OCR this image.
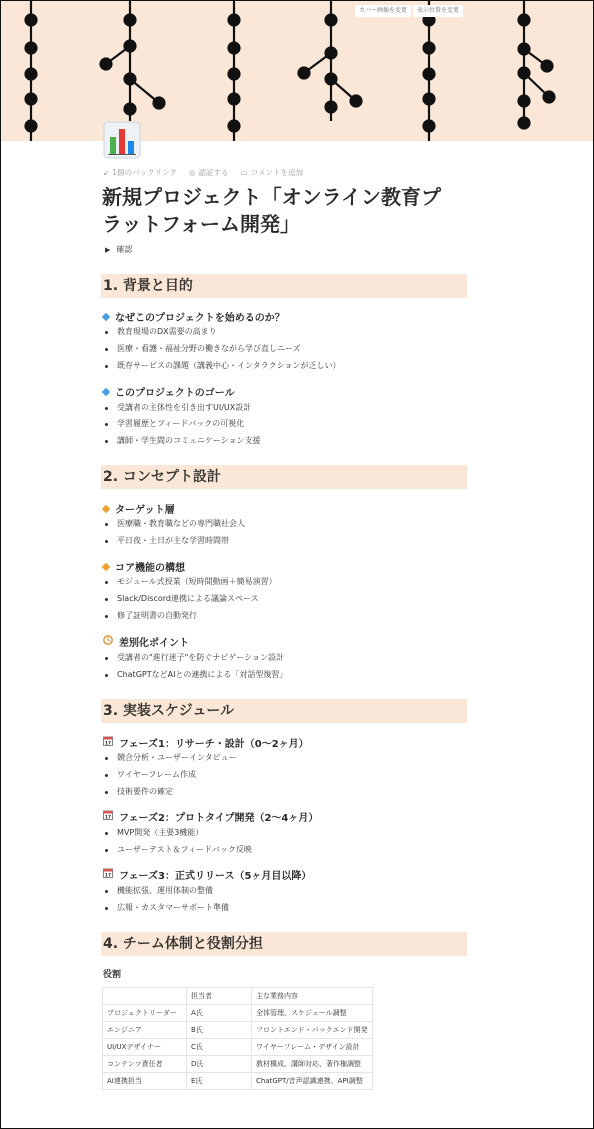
カバー画像を変更	表示位置を変更
↙ 1個のバックリンク ◎ 認証する ▭ コメントを追加
新規プロジェクト「オンライン教育プ
ラットフォーム開発」
▶ 確認
1. 背景と目的
なぜこのプロジェクトを始めるのか？
教育現場のDX需要の高まり
医療・看護・福祉分野の働きながら学び直しニーズ
既存サービスの課題（講義中心・インタラクションが乏しい）
このプロジェクトのゴール
受講者の主体性を引き出すUI/UX設計
学習履歴とフィードバックの可視化
講師・学生間のコミュニケーション支援
2. コンセプト設計
ターゲット層
医療職・教育職などの専門職社会人
平日夜・土日が主な学習時間帯
コア機能の構想
モジュール式授業（短時間動画＋簡易演習）
Slack/Discord連携による議論スペース
修了証明書の自動発行
差別化ポイント
受講者の"進行迷子"を防ぐナビゲーション設計
ChatGPTなどAIとの連携による「対話型復習」
3. 実装スケジュール
17 フェーズ1：リサーチ・設計（0〜2ヶ月）
競合分析・ユーザーインタビュー
ワイヤーフレーム作成
技術要件の確定
17 フェーズ2：プロトタイプ開発（2〜4ヶ月）
MVP開発（主要3機能）
ユーザーテスト＆フィードバック反映
17 フェーズ3：正式リリース（5ヶ月目以降）
機能拡張、運用体制の整備
広報・カスタマーサポート準備
4. チーム体制と役割分担
役割
	担当者	主な業務内容
プロジェクトリーダー	A氏	全体管理、スケジュール調整
エンジニア	B氏	フロントエンド・バックエンド開発
UI/UXデザイナー	C氏	ワイヤーフレーム・デザイン設計
コンテンツ責任者	D氏	教材構成、講師対応、著作権調整
AI連携担当	E氏	ChatGPT/音声認識連携、API調整
